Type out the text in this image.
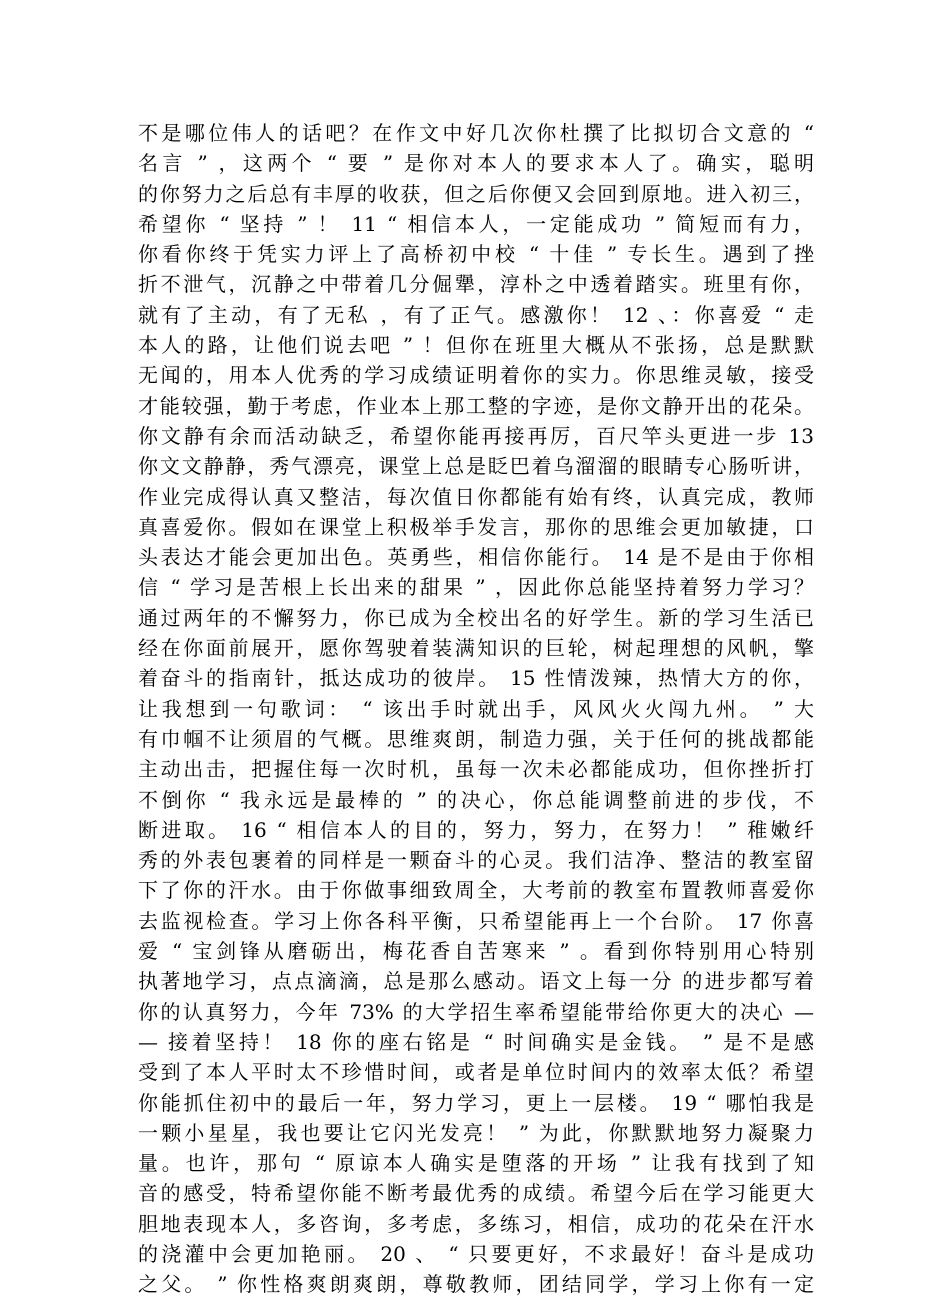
不是哪位伟人的话吧？在作文中好几次你杜撰了比拟切合文意的 “
名言 ” ，这两个 “ 要 ” 是你对本人的要求本人了。确实，聪明
的你努力之后总有丰厚的收获，但之后你便又会回到原地。进入初三，
希望你 “ 坚持 ” ！ 11 “ 相信本人，一定能成功 ” 简短而有力，
你看你终于凭实力评上了高桥初中校 “ 十佳 ” 专长生。遇到了挫
折不泄气，沉静之中带着几分倔犟，淳朴之中透着踏实。班里有你，
就有了主动，有了无私 ，有了正气。感激你！ 12 、：你喜爱 “ 走
本人的路，让他们说去吧 ” ！但你在班里大概从不张扬，总是默默
无闻的，用本人优秀的学习成绩证明着你的实力。你思维灵敏，接受
才能较强，勤于考虑，作业本上那工整的字迹，是你文静开出的花朵。
你文静有余而活动缺乏，希望你能再接再厉，百尺竿头更进一步 13
你文文静静，秀气漂亮，课堂上总是眨巴着乌溜溜的眼睛专心肠听讲，
作业完成得认真又整洁，每次值日你都能有始有终，认真完成，教师
真喜爱你。假如在课堂上积极举手发言，那你的思维会更加敏捷，口
头表达才能会更加出色。英勇些，相信你能行。 14 是不是由于你相
信 “ 学习是苦根上长出来的甜果 ” ，因此你总能坚持着努力学习？
通过两年的不懈努力，你已成为全校出名的好学生。新的学习生活已
经在你面前展开，愿你驾驶着装满知识的巨轮，树起理想的风帆，擎
着奋斗的指南针，抵达成功的彼岸。 15 性情泼辣，热情大方的你，
让我想到一句歌词： “ 该出手时就出手，风风火火闯九州。 ” 大
有巾帼不让须眉的气概。思维爽朗，制造力强，关于任何的挑战都能
主动出击，把握住每一次时机，虽每一次未必都能成功，但你挫折打
不倒你 “ 我永远是最棒的 ” 的决心，你总能调整前进的步伐，不
断进取。 16 “ 相信本人的目的，努力，努力，在努力！ ” 稚嫩纤
秀的外表包裹着的同样是一颗奋斗的心灵。我们洁净、整洁的教室留
下了你的汗水。由于你做事细致周全，大考前的教室布置教师喜爱你
去监视检查。学习上你各科平衡，只希望能再上一个台阶。 17 你喜
爱 “ 宝剑锋从磨砺出，梅花香自苦寒来 ” 。看到你特别用心特别
执著地学习，点点滴滴，总是那么感动。语文上每一分 的进步都写着
你的认真努力，今年 73% 的大学招生率希望能带给你更大的决心 —
— 接着坚持！ 18 你的座右铭是 “ 时间确实是金钱。 ” 是不是感
受到了本人平时太不珍惜时间，或者是单位时间内的效率太低？希望
你能抓住初中的最后一年，努力学习，更上一层楼。 19 “ 哪怕我是
一颗小星星，我也要让它闪光发亮！ ” 为此，你默默地努力凝聚力
量。也许，那句 “ 原谅本人确实是堕落的开场 ” 让我有找到了知
音的感受，特希望你能不断考最优秀的成绩。希望今后在学习能更大
胆地表现本人，多咨询，多考虑，多练习，相信，成功的花朵在汗水
的浇灌中会更加艳丽。 20 、 “ 只要更好，不求最好！奋斗是成功
之父。 ” 你性格爽朗爽朗，尊敬教师，团结同学，学习上你有一定
